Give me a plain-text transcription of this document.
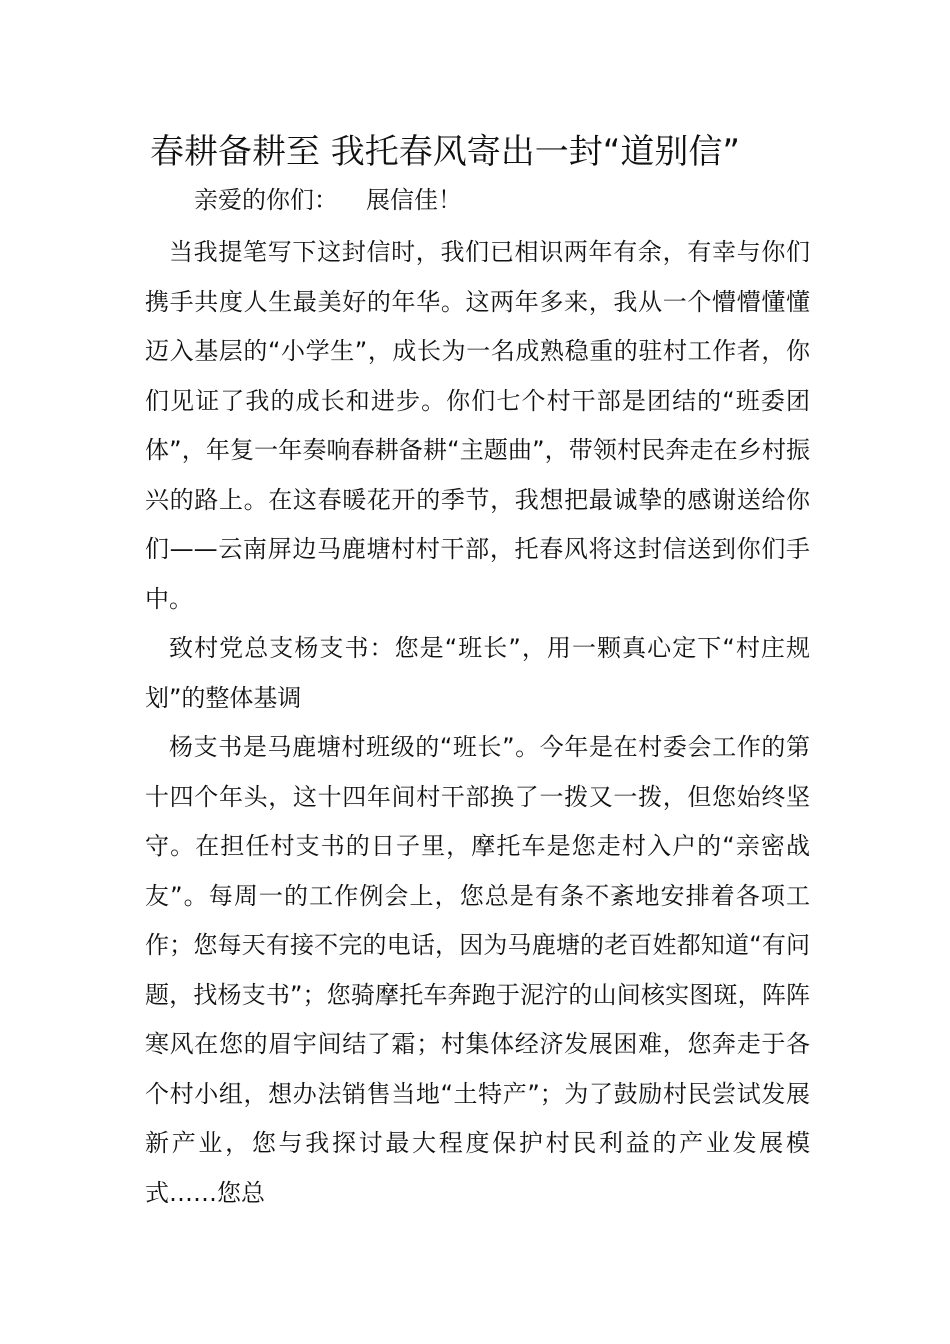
春耕备耕至 我托春风寄出一封“道别信”

亲爱的你们： 展信佳！

当我提笔写下这封信时，我们已相识两年有余，有幸与你们携手共度人生最美好的年华。这两年多来，我从一个懵懵懂懂迈入基层的“小学生”，成长为一名成熟稳重的驻村工作者，你们见证了我的成长和进步。你们七个村干部是团结的“班委团体”，年复一年奏响春耕备耕“主题曲”，带领村民奔走在乡村振兴的路上。在这春暖花开的季节，我想把最诚挚的感谢送给你们——云南屏边马鹿塘村村干部，托春风将这封信送到你们手中。

致村党总支杨支书：您是“班长”，用一颗真心定下“村庄规划”的整体基调

杨支书是马鹿塘村班级的“班长”。今年是在村委会工作的第十四个年头，这十四年间村干部换了一拨又一拨，但您始终坚守。在担任村支书的日子里，摩托车是您走村入户的“亲密战友”。每周一的工作例会上，您总是有条不紊地安排着各项工作；您每天有接不完的电话，因为马鹿塘的老百姓都知道“有问题，找杨支书”；您骑摩托车奔跑于泥泞的山间核实图斑，阵阵寒风在您的眉宇间结了霜；村集体经济发展困难，您奔走于各个村小组，想办法销售当地“土特产”；为了鼓励村民尝试发展新产业，您与我探讨最大程度保护村民利益的产业发展模式……您总
